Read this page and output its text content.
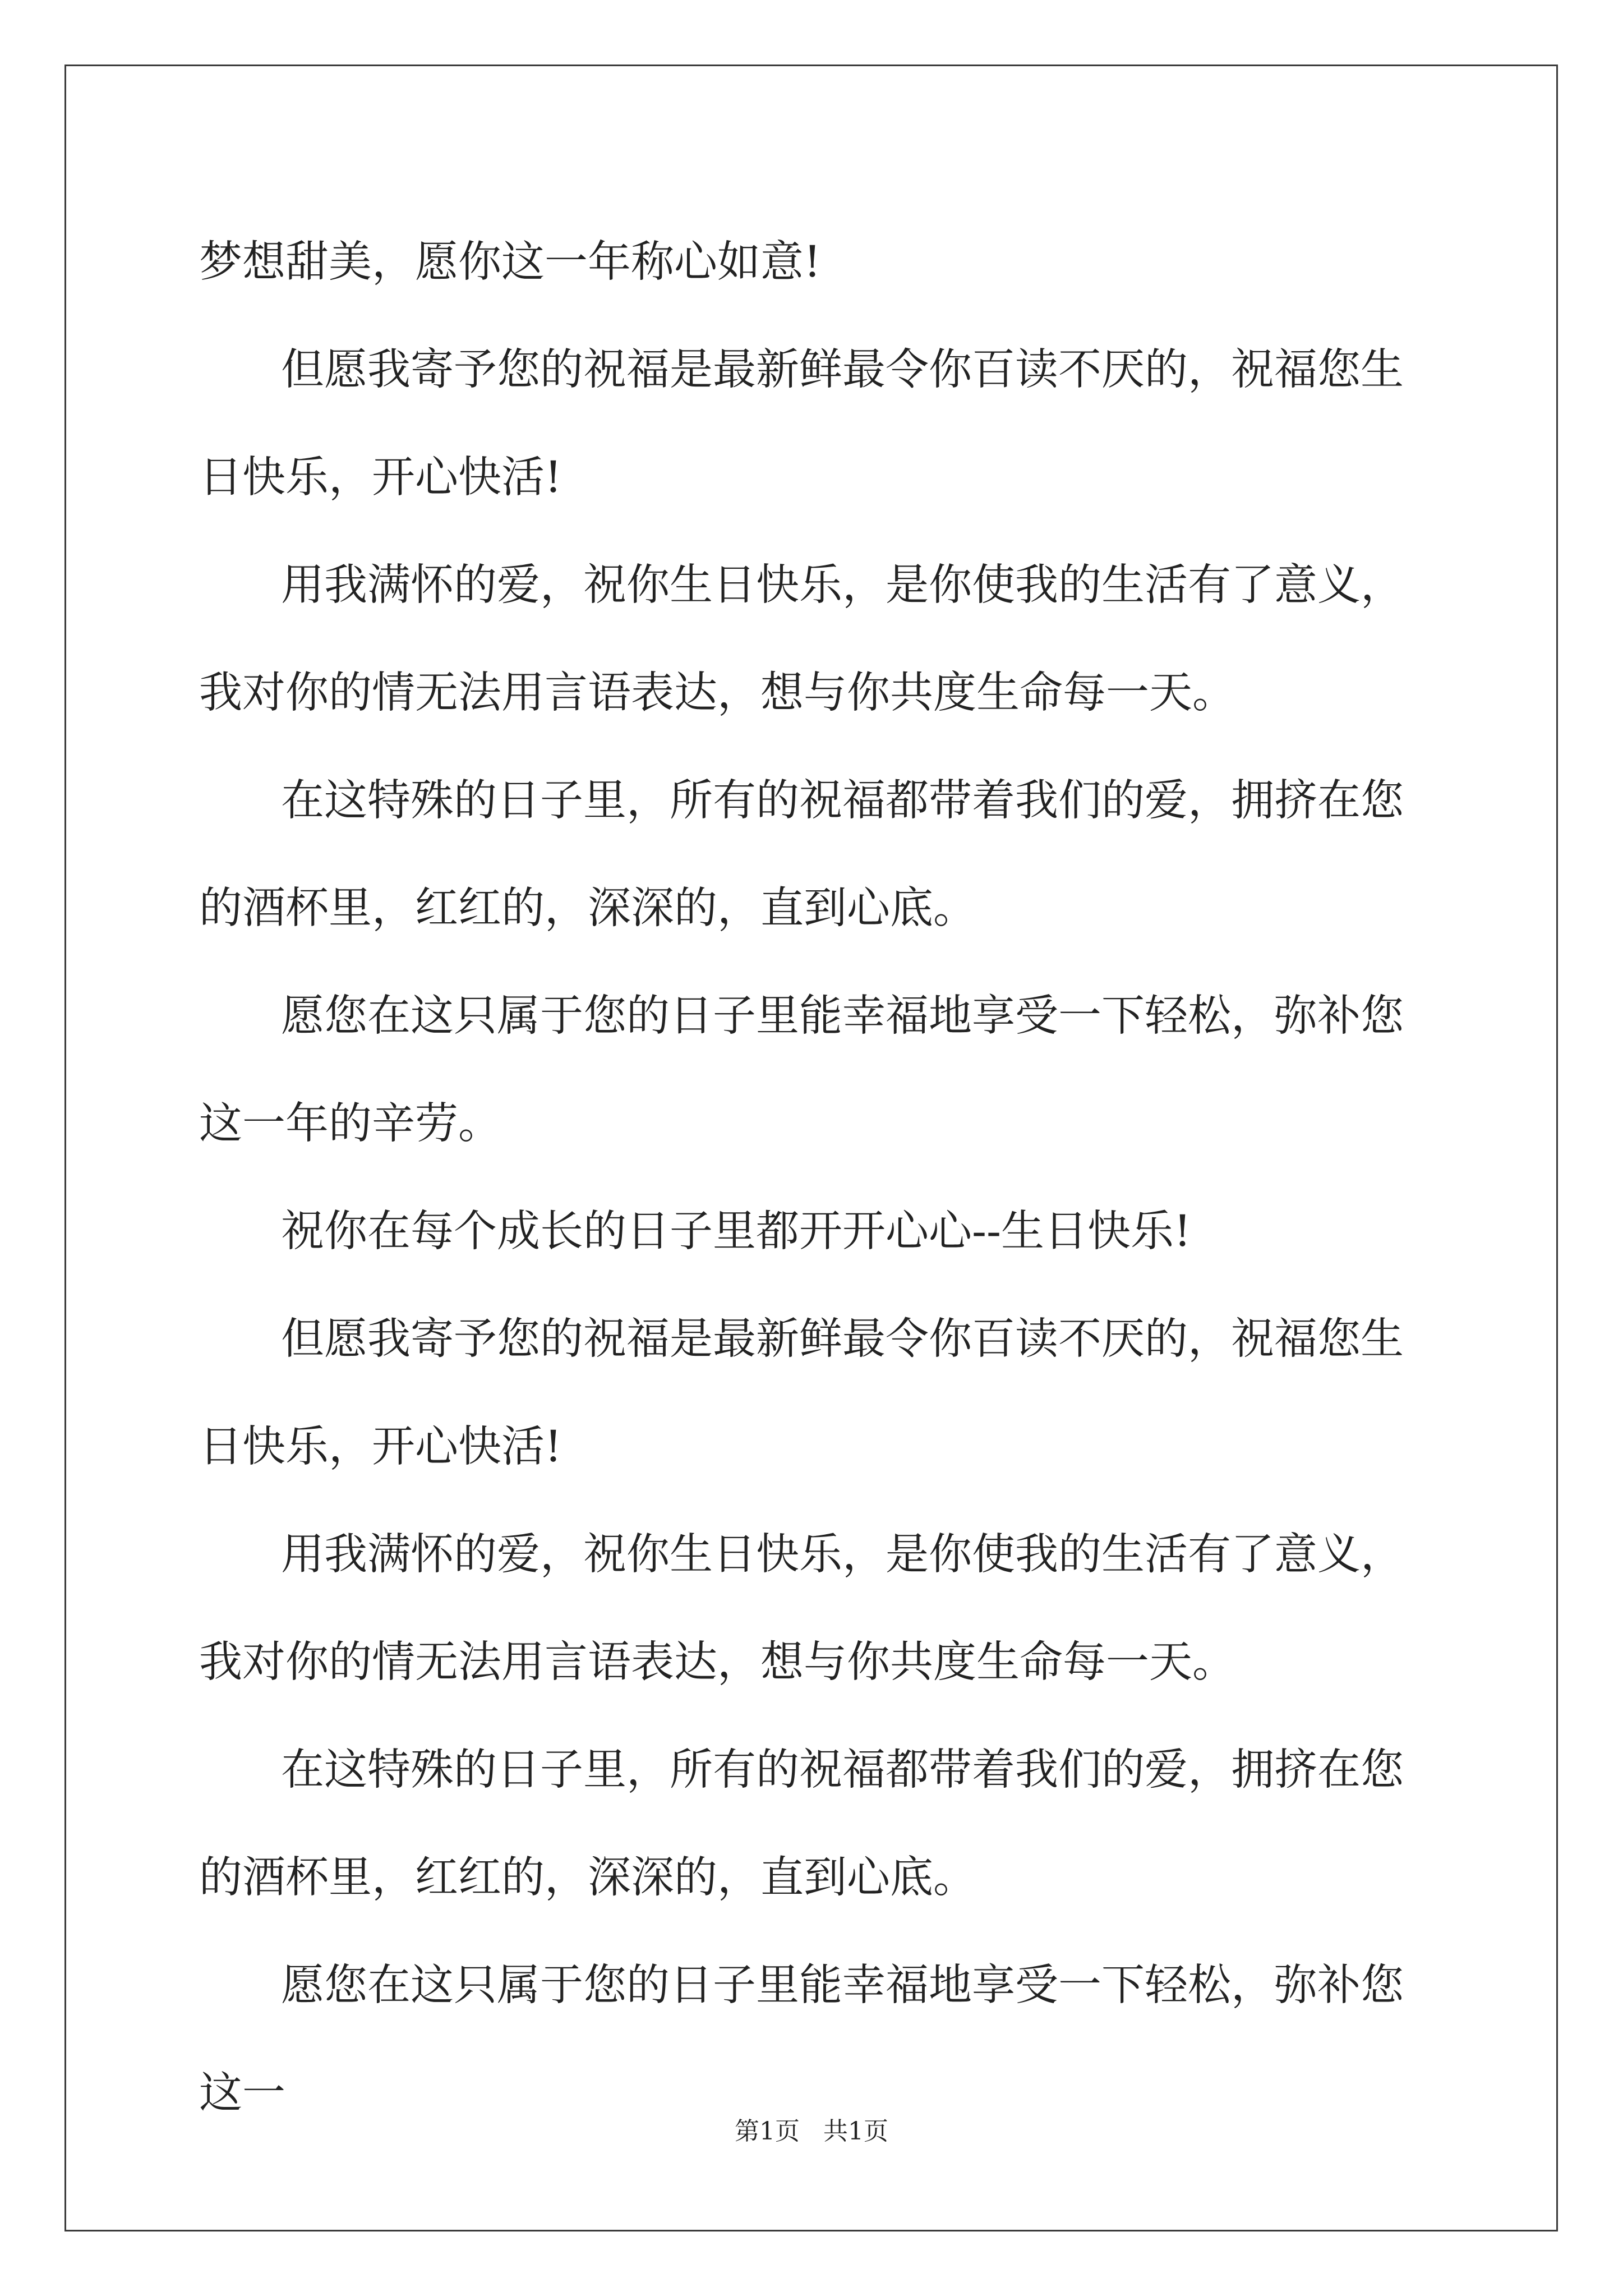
梦想甜美，愿你这一年称心如意!

但愿我寄予您的祝福是最新鲜最令你百读不厌的，祝福您生日快乐，开心快活!

用我满怀的爱，祝你生日快乐，是你使我的生活有了意义，我对你的情无法用言语表达，想与你共度生命每一天。

在这特殊的日子里，所有的祝福都带着我们的爱，拥挤在您的酒杯里，红红的，深深的，直到心底。

愿您在这只属于您的日子里能幸福地享受一下轻松，弥补您这一年的辛劳。

祝你在每个成长的日子里都开开心心--生日快乐!

但愿我寄予您的祝福是最新鲜最令你百读不厌的，祝福您生日快乐，开心快活!

用我满怀的爱，祝你生日快乐，是你使我的生活有了意义，我对你的情无法用言语表达，想与你共度生命每一天。

在这特殊的日子里，所有的祝福都带着我们的爱，拥挤在您的酒杯里，红红的，深深的，直到心底。

愿您在这只属于您的日子里能幸福地享受一下轻松，弥补您这一

第1页   共1页
